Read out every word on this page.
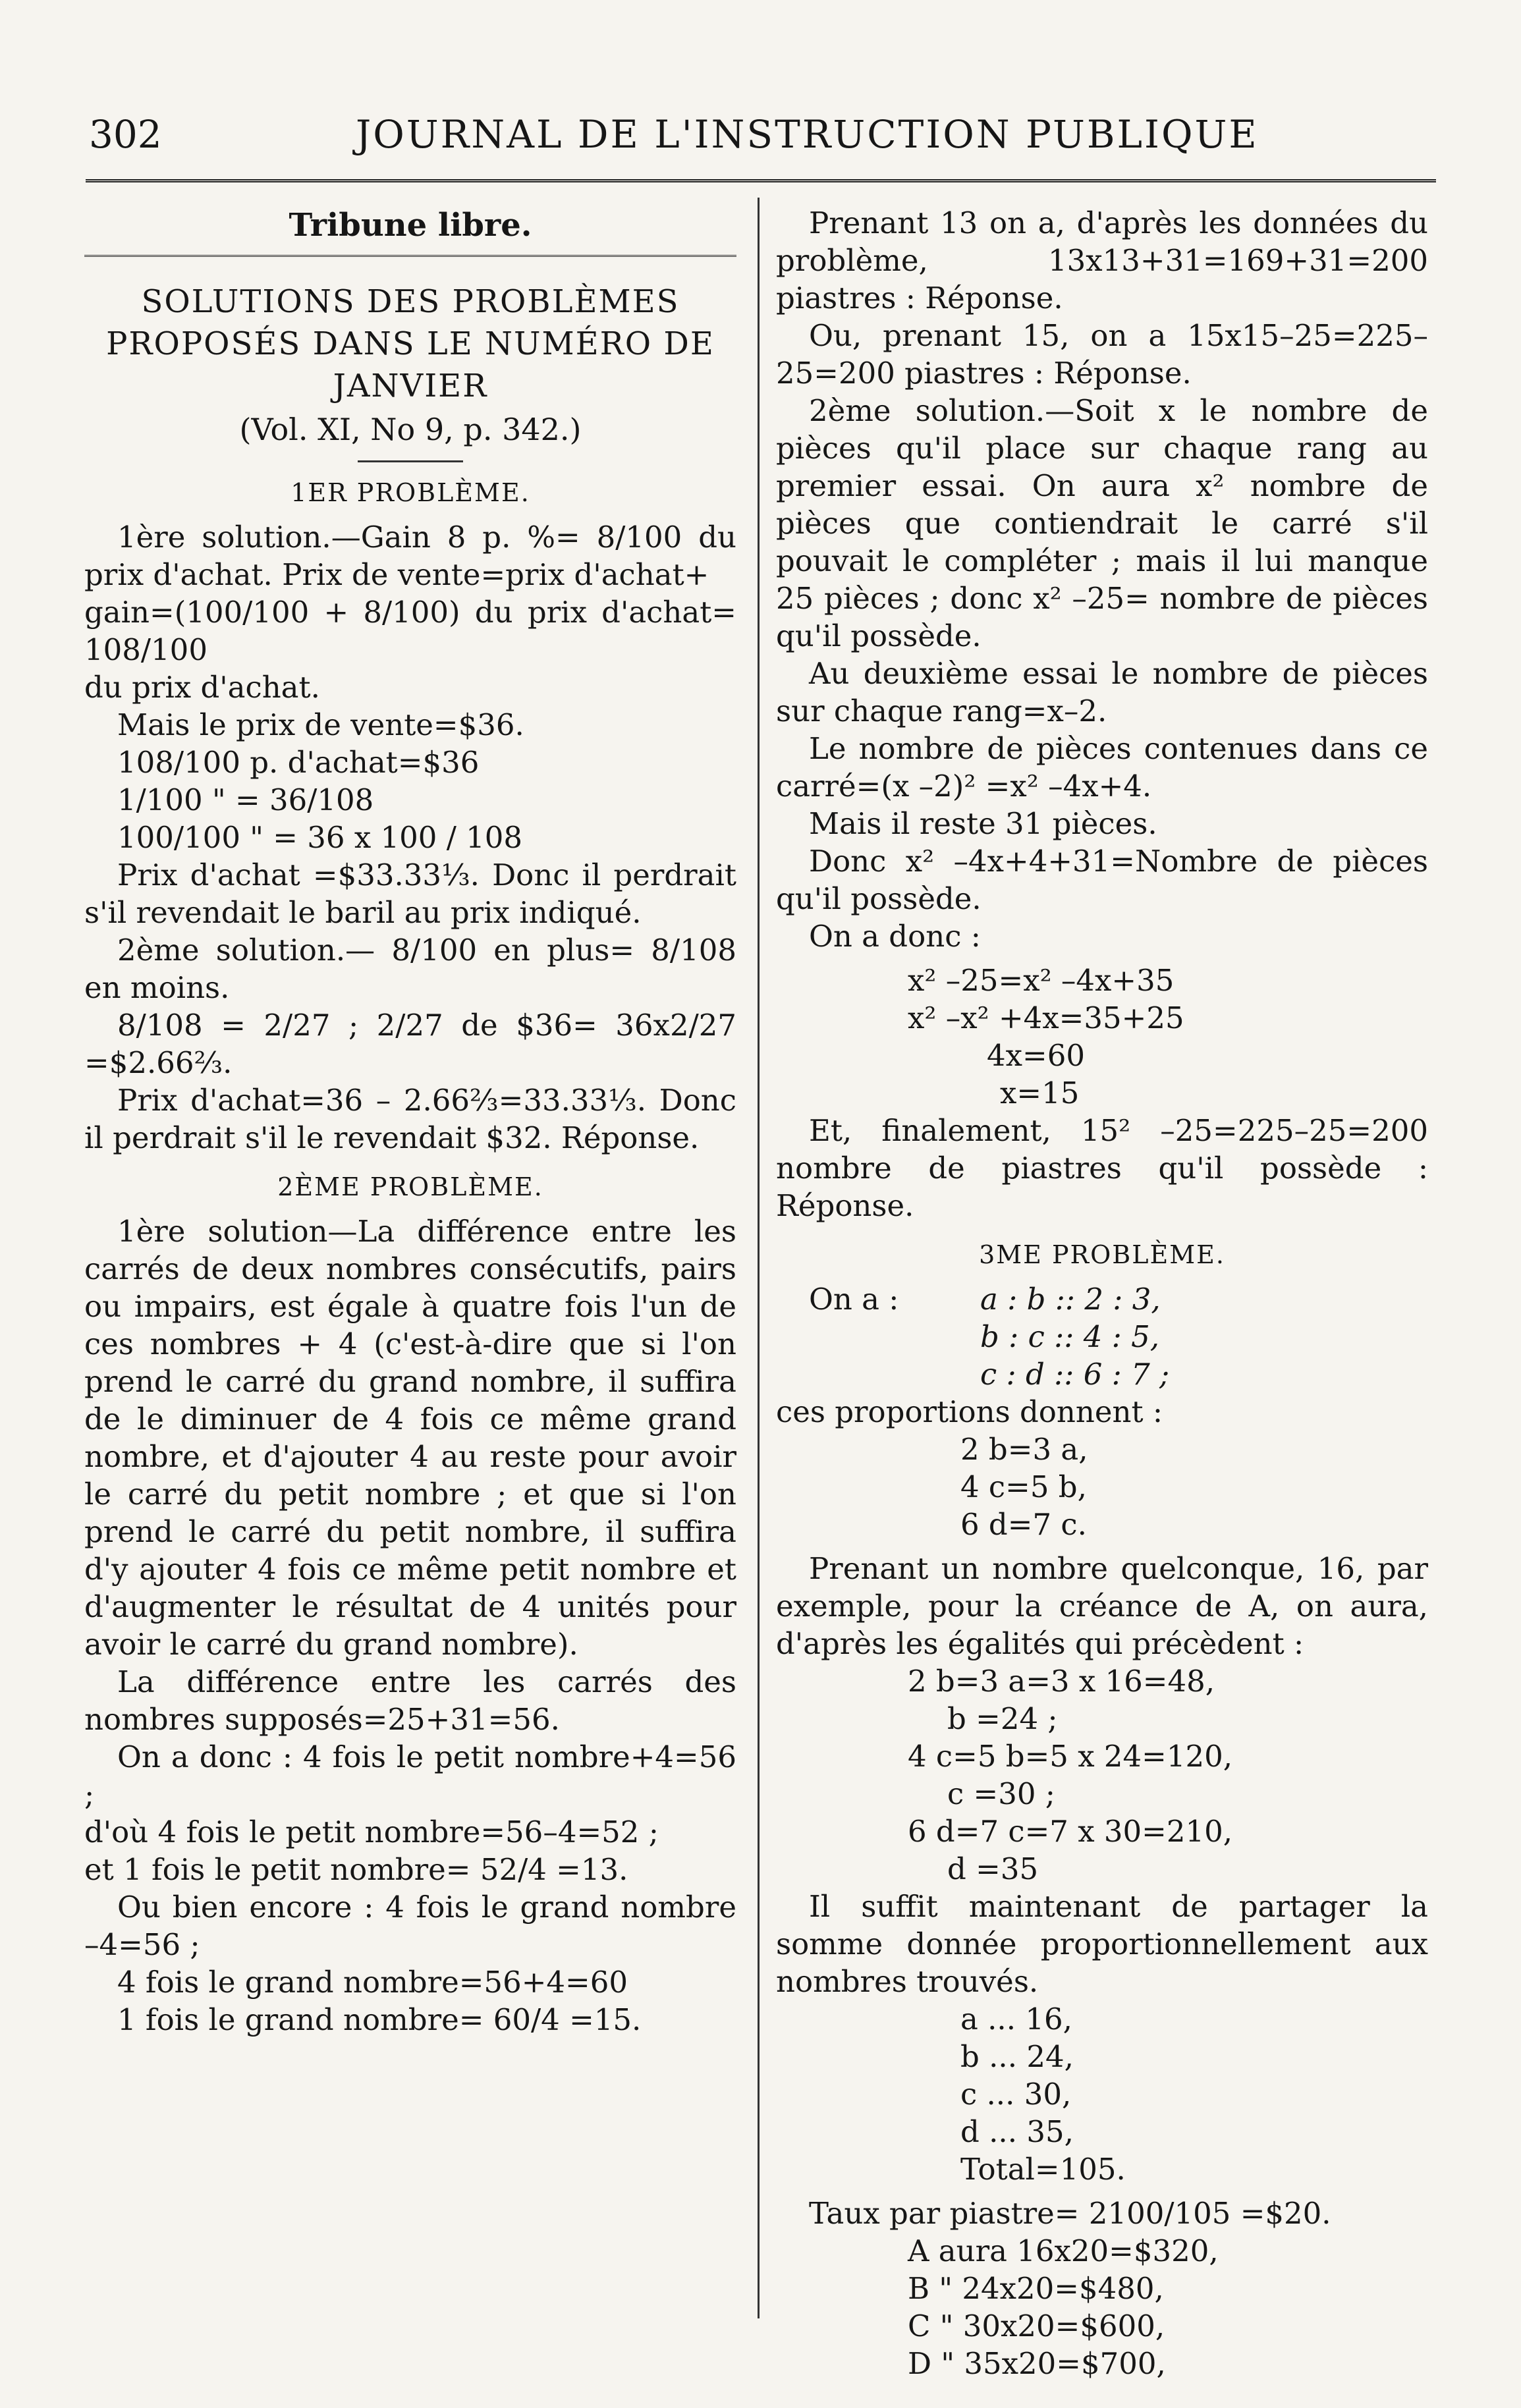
302	JOURNAL DE L'INSTRUCTION PUBLIQUE
Tribune libre.
SOLUTIONS DES PROBLÈMES PROPOSÉS DANS LE NUMÉRO DE JANVIER
(Vol. XI, No 9, p. 342.)
1ER PROBLÈME.

1ère solution.—Gain 8 p. %= 8/100 du prix d'achat. Prix de vente=prix d'achat+

gain=(100/100 + 8/100) du prix d'achat= 108/100

du prix d'achat.

Mais le prix de vente=$36.

108/100 p. d'achat=$36

1/100 " = 36/108

100/100 " = 36 x 100 / 108

Prix d'achat =$33.33⅓. Donc il perdrait s'il revendait le baril au prix indiqué.

2ème solution.— 8/100 en plus= 8/108 en moins.

8/108 = 2/27 ; 2/27 de $36= 36x2/27 =$2.66⅔.

Prix d'achat=36 – 2.66⅔=33.33⅓. Donc il perdrait s'il le revendait $32. Réponse.

2ÈME PROBLÈME.

1ère solution—La différence entre les carrés de deux nombres consécutifs, pairs ou impairs, est égale à quatre fois l'un de ces nombres + 4 (c'est-à-dire que si l'on prend le carré du grand nombre, il suffira de le diminuer de 4 fois ce même grand nombre, et d'ajouter 4 au reste pour avoir le carré du petit nombre ; et que si l'on prend le carré du petit nombre, il suffira d'y ajouter 4 fois ce même petit nombre et d'augmenter le résultat de 4 unités pour avoir le carré du grand nombre).

La différence entre les carrés des nombres supposés=25+31=56.

On a donc : 4 fois le petit nombre+4=56 ;

d'où 4 fois le petit nombre=56–4=52 ;

et 1 fois le petit nombre= 52/4 =13.

Ou bien encore : 4 fois le grand nombre –4=56 ;

4 fois le grand nombre=56+4=60

1 fois le grand nombre= 60/4 =15.

Prenant 13 on a, d'après les données du problème, 13x13+31=169+31=200 piastres : Réponse.

Ou, prenant 15, on a 15x15–25=225–25=200 piastres : Réponse.

2ème solution.—Soit x le nombre de pièces qu'il place sur chaque rang au premier essai. On aura x² nombre de pièces que contiendrait le carré s'il pouvait le compléter ; mais il lui manque 25 pièces ; donc x² –25= nombre de pièces qu'il possède.

Au deuxième essai le nombre de pièces sur chaque rang=x–2.

Le nombre de pièces contenues dans ce carré=(x –2)² =x² –4x+4.

Mais il reste 31 pièces.

Donc x² –4x+4+31=Nombre de pièces qu'il possède.

On a donc :

x² –25=x² –4x+35
x² –x² +4x=35+25
4x=60
x=15

Et, finalement, 15² –25=225–25=200 nombre de piastres qu'il possède : Réponse.

3ME PROBLÈME.
On a :	a : b :: 2 : 3,
b : c :: 4 : 5,
c : d :: 6 : 7 ;

ces proportions donnent :

2 b=3 a,
4 c=5 b,
6 d=7 c.

Prenant un nombre quelconque, 16, par exemple, pour la créance de A, on aura, d'après les égalités qui précèdent :

2 b=3 a=3 x 16=48,
b =24 ;
4 c=5 b=5 x 24=120,
c =30 ;
6 d=7 c=7 x 30=210,
d =35

Il suffit maintenant de partager la somme donnée proportionnellement aux nombres trouvés.

a ... 16,
b ... 24,
c ... 30,
d ... 35,
Total=105.

Taux par piastre= 2100/105 =$20.

A aura 16x20=$320,
B " 24x20=$480,
C " 30x20=$600,
D " 35x20=$700,
